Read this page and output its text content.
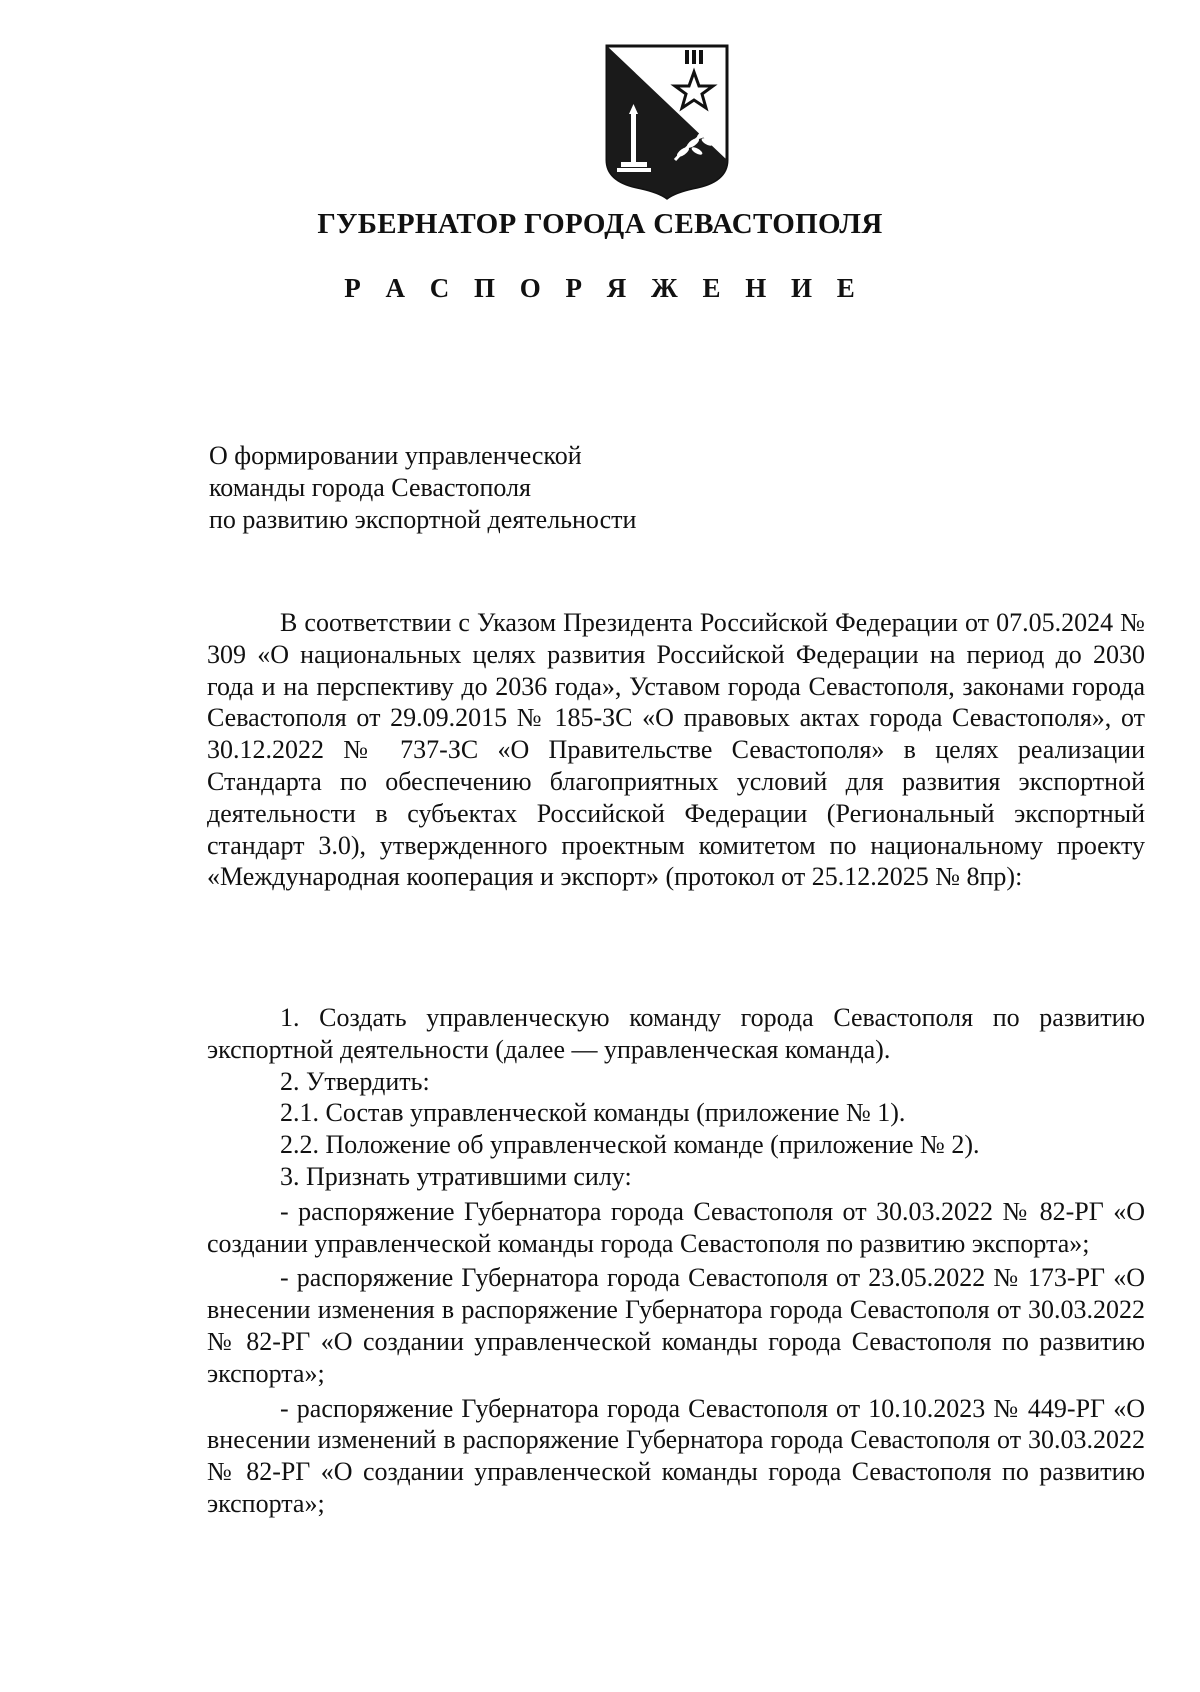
ГУБЕРНАТОР ГОРОДА СЕВАСТОПОЛЯ
Р А С П О Р Я Ж Е Н И Е
О формировании управленческой
команды города Севастополя
по развитию экспортной деятельности

В соответствии с Указом Президента Российской Федерации от 07.05.2024 № 309 «О национальных целях развития Российской Федерации на период до 2030 года и на перспективу до 2036 года», Уставом города Севастополя, законами города Севастополя от 29.09.2015 № 185-ЗС «О правовых актах города Севастополя», от 30.12.2022 № 737-ЗС «О Правительстве Севастополя» в целях реализации Стандарта по обеспечению благоприятных условий для развития экспортной деятельности в субъектах Российской Федерации (Региональный экспортный стандарт 3.0), утвержденного проектным комитетом по национальному проекту «Международная кооперация и экспорт» (протокол от 25.12.2025 № 8пр):

1. Создать управленческую команду города Севастополя по развитию экспортной деятельности (далее — управленческая команда).

2. Утвердить:

2.1. Состав управленческой команды (приложение № 1).

2.2. Положение об управленческой команде (приложение № 2).

3. Признать утратившими силу:

- распоряжение Губернатора города Севастополя от 30.03.2022 № 82-РГ «О создании управленческой команды города Севастополя по развитию экспорта»;

- распоряжение Губернатора города Севастополя от 23.05.2022 № 173-РГ «О внесении изменения в распоряжение Губернатора города Севастополя от 30.03.2022 № 82-РГ «О создании управленческой команды города Севастополя по развитию экспорта»;

- распоряжение Губернатора города Севастополя от 10.10.2023 № 449-РГ «О внесении изменений в распоряжение Губернатора города Севастополя от 30.03.2022 № 82-РГ «О создании управленческой команды города Севастополя по развитию экспорта»;
